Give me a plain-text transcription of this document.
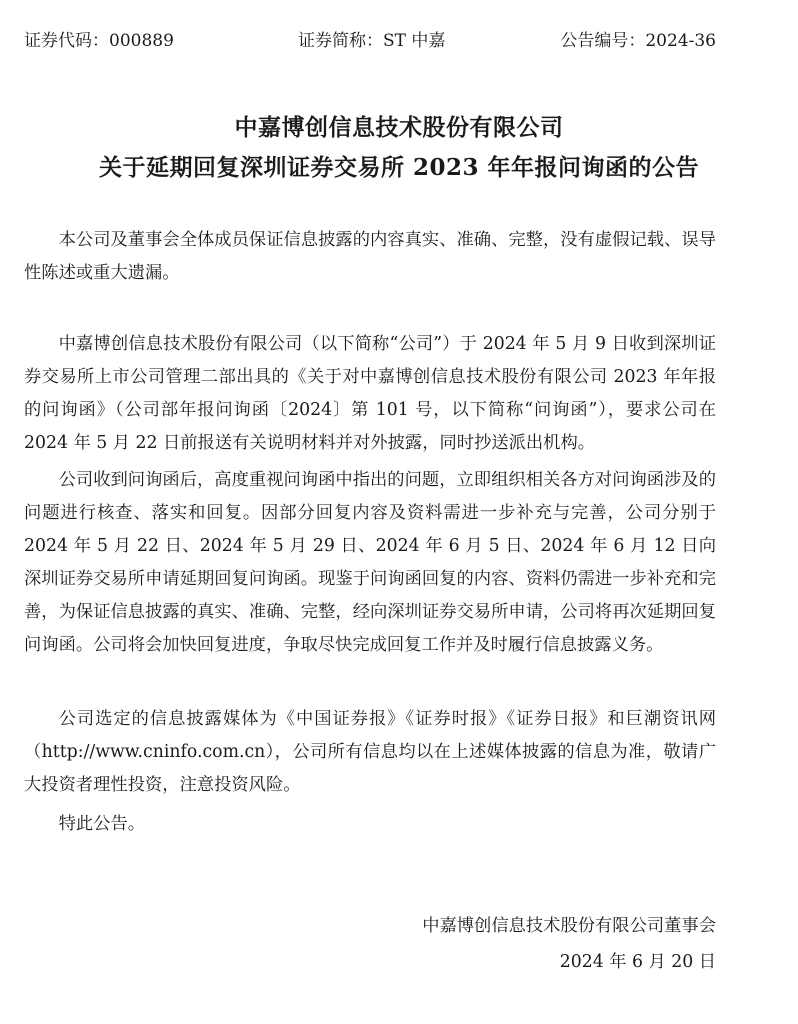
证券代码：000889	证券简称：ST 中嘉	公告编号：2024-36
中嘉博创信息技术股份有限公司
关于延期回复深圳证券交易所 2023 年年报问询函的公告

本公司及董事会全体成员保证信息披露的内容真实、准确、完整，没有虚假记载、误导性陈述或重大遗漏。

中嘉博创信息技术股份有限公司（以下简称“公司”）于 2024 年 5 月 9 日收到深圳证券交易所上市公司管理二部出具的《关于对中嘉博创信息技术股份有限公司 2023 年年报的问询函》（公司部年报问询函〔2024〕第 101 号，以下简称“问询函”），要求公司在 2024 年 5 月 22 日前报送有关说明材料并对外披露，同时抄送派出机构。

公司收到问询函后，高度重视问询函中指出的问题，立即组织相关各方对问询函涉及的问题进行核查、落实和回复。因部分回复内容及资料需进一步补充与完善，公司分别于 2024 年 5 月 22 日、2024 年 5 月 29 日、2024 年 6 月 5 日、2024 年 6 月 12 日向深圳证券交易所申请延期回复问询函。现鉴于问询函回复的内容、资料仍需进一步补充和完善，为保证信息披露的真实、准确、完整，经向深圳证券交易所申请，公司将再次延期回复问询函。公司将会加快回复进度，争取尽快完成回复工作并及时履行信息披露义务。

公司选定的信息披露媒体为《中国证券报》《证券时报》《证券日报》和巨潮资讯网（http://www.cninfo.com.cn），公司所有信息均以在上述媒体披露的信息为准，敬请广大投资者理性投资，注意投资风险。

特此公告。

中嘉博创信息技术股份有限公司董事会
2024 年 6 月 20 日
